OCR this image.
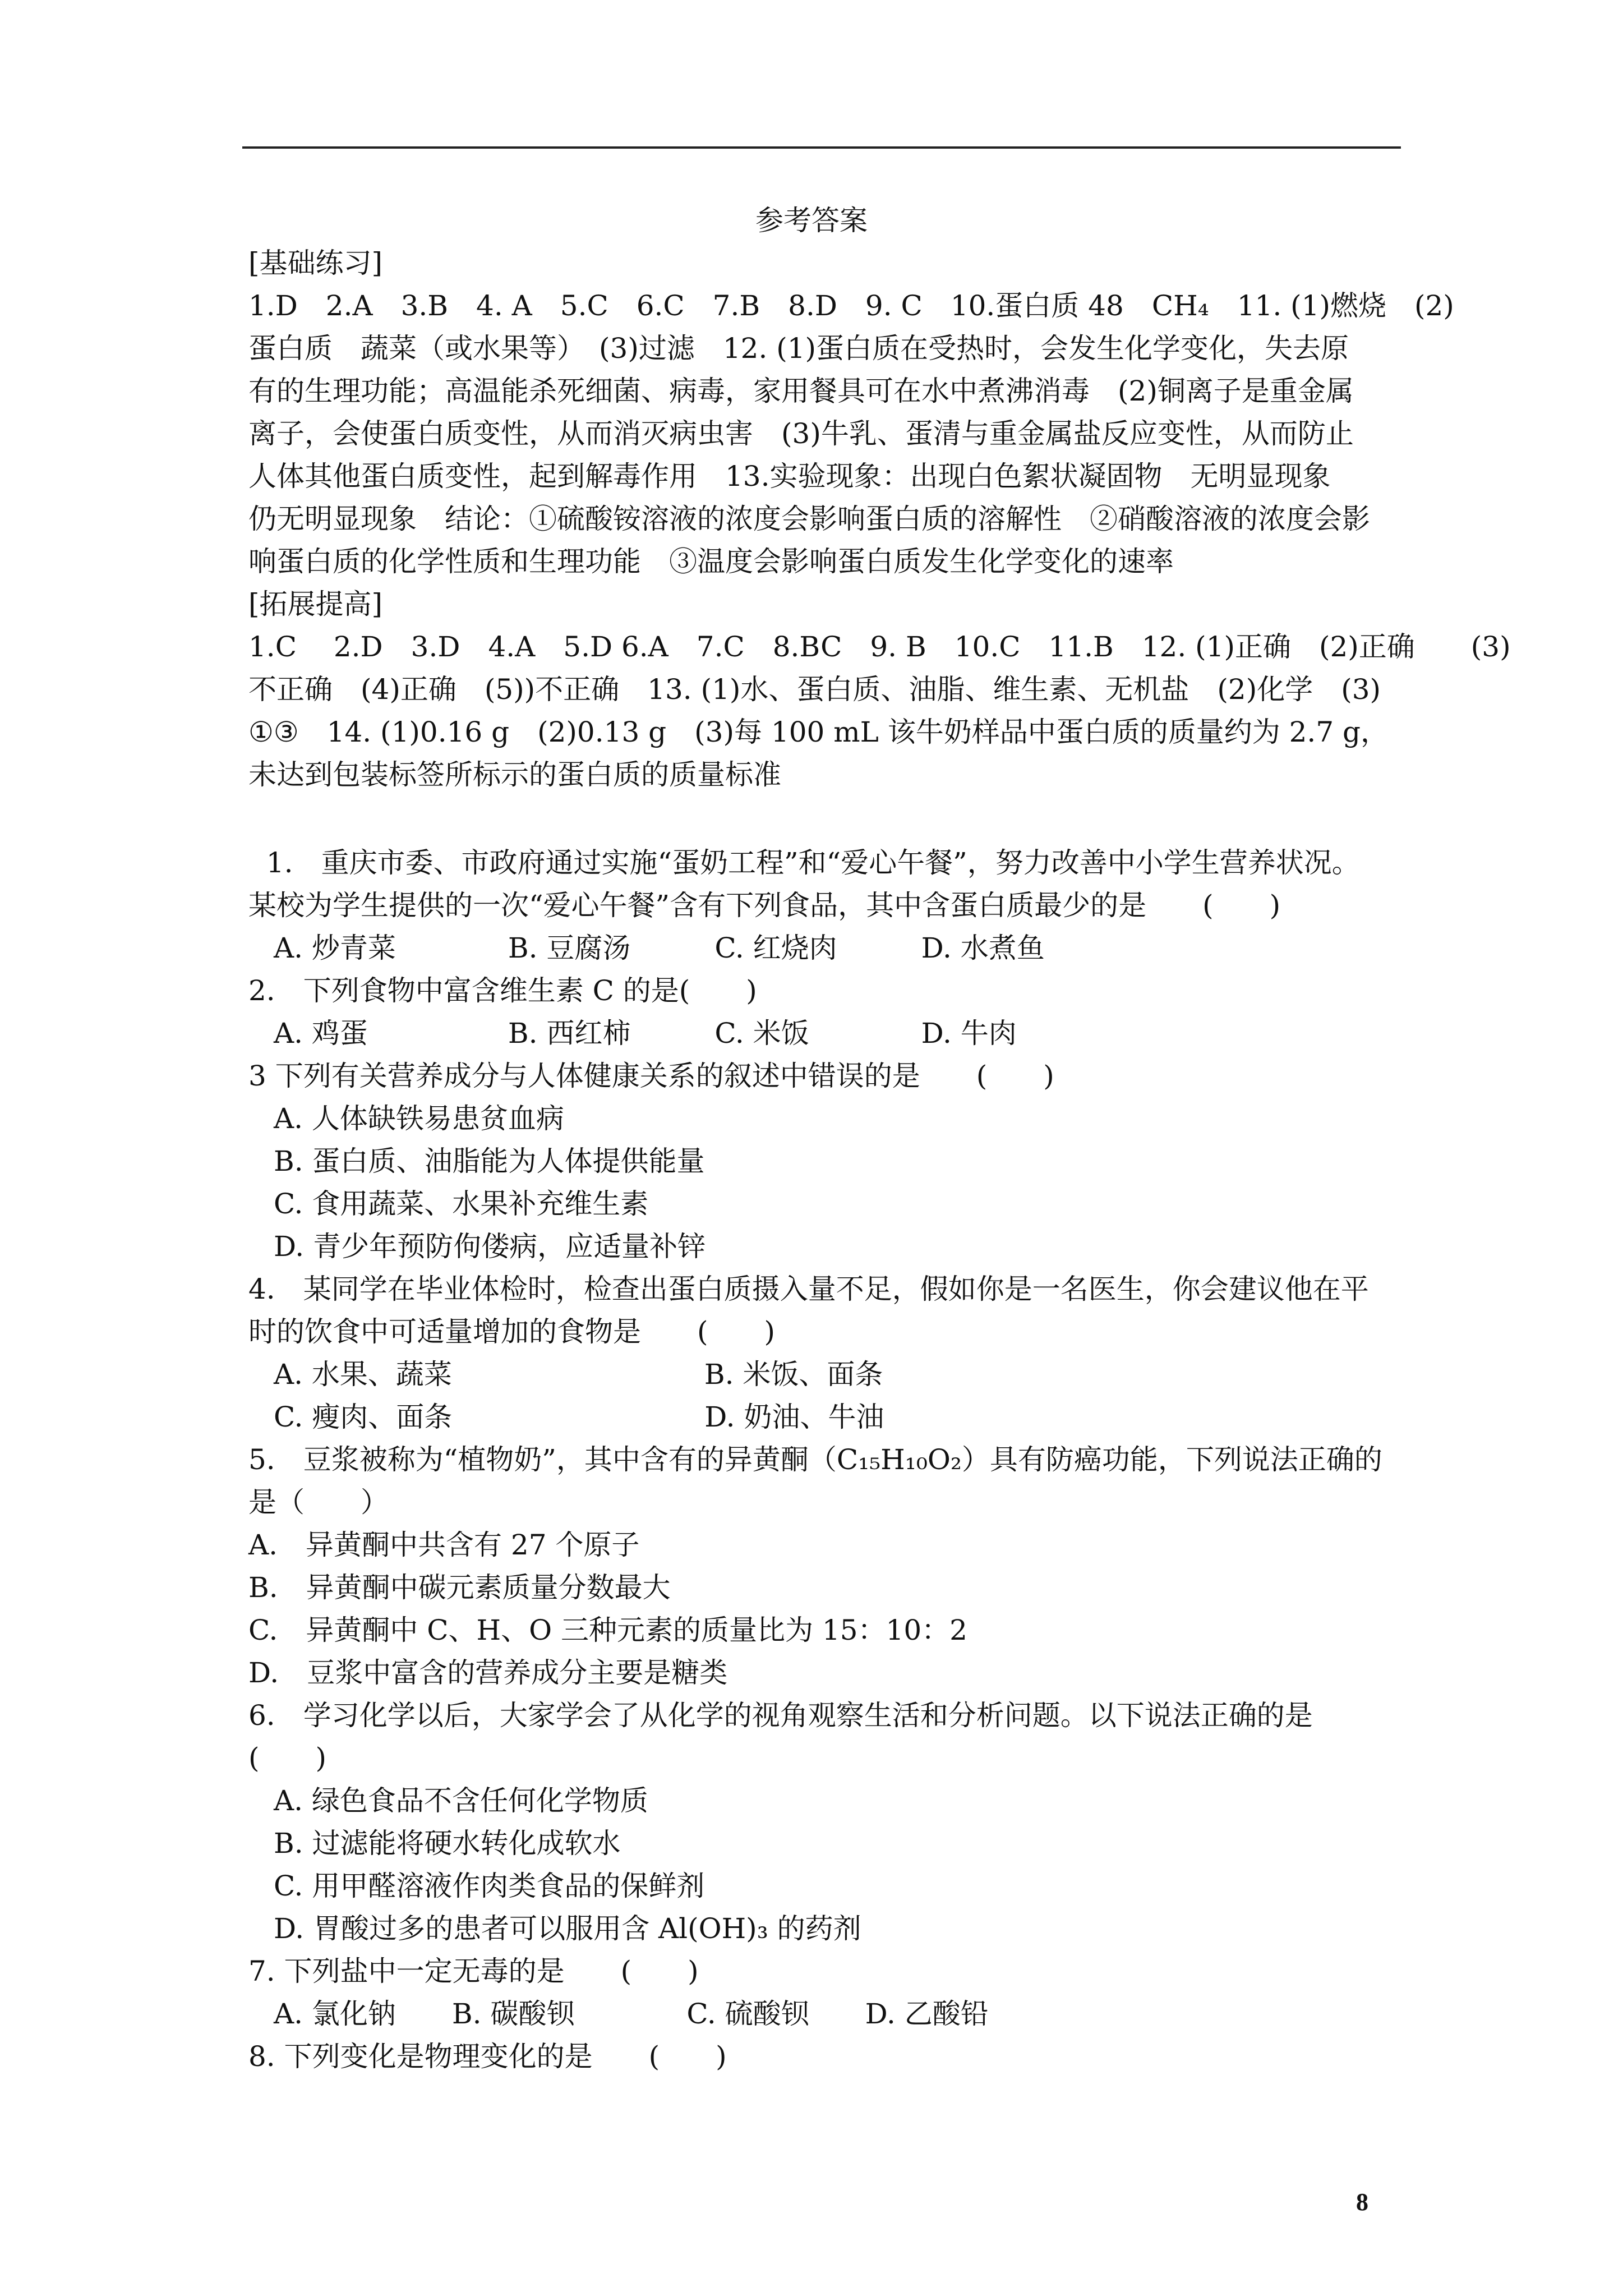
参考答案
[基础练习]
1.D　2.A　3.B　4. A　5.C　6.C　7.B　8.D　9. C　10.蛋白质 48　CH₄　11. (1)燃烧　(2)
蛋白质　蔬菜（或水果等）　(3)过滤　12. (1)蛋白质在受热时，会发生化学变化，失去原
有的生理功能；高温能杀死细菌、病毒，家用餐具可在水中煮沸消毒　(2)铜离子是重金属
离子，会使蛋白质变性，从而消灭病虫害　(3)牛乳、蛋清与重金属盐反应变性，从而防止
人体其他蛋白质变性，起到解毒作用　13.实验现象：出现白色絮状凝固物　无明显现象
仍无明显现象　结论：①硫酸铵溶液的浓度会影响蛋白质的溶解性　②硝酸溶液的浓度会影
响蛋白质的化学性质和生理功能　③温度会影响蛋白质发生化学变化的速率
[拓展提高]
1.C　 2.D　3.D　4.A　5.D 6.A　7.C　8.BC　9. B　10.C　11.B　12. (1)正确　(2)正确　　(3)
不正确　(4)正确　(5))不正确　13. (1)水、蛋白质、油脂、维生素、无机盐　(2)化学　(3)
①③　14. (1)0.16 g　(2)0.13 g　(3)每 100 mL 该牛奶样品中蛋白质的质量约为 2.7 g，
未达到包装标签所标示的蛋白质的质量标准
1.　重庆市委、市政府通过实施“蛋奶工程”和“爱心午餐”，努力改善中小学生营养状况。
某校为学生提供的一次“爱心午餐”含有下列食品，其中含蛋白质最少的是　　(　　)
A. 炒青菜　　　　B. 豆腐汤　　　C. 红烧肉　　　D. 水煮鱼
2.　下列食物中富含维生素 C 的是(　　)
A. 鸡蛋　　　　　B. 西红柿　　　C. 米饭　　　　D. 牛肉
3 下列有关营养成分与人体健康关系的叙述中错误的是　　(　　)
A. 人体缺铁易患贫血病
B. 蛋白质、油脂能为人体提供能量
C. 食用蔬菜、水果补充维生素
D. 青少年预防佝偻病，应适量补锌
4.　某同学在毕业体检时，检查出蛋白质摄入量不足，假如你是一名医生，你会建议他在平
时的饮食中可适量增加的食物是　　(　　)
A. 水果、蔬菜　　　　　　　　　B. 米饭、面条
C. 瘦肉、面条　　　　　　　　　D. 奶油、牛油
5.　豆浆被称为“植物奶”，其中含有的异黄酮（C₁₅H₁₀O₂）具有防癌功能，下列说法正确的
是（　　）
A.　异黄酮中共含有 27 个原子
B.　异黄酮中碳元素质量分数最大
C.　异黄酮中 C、H、O 三种元素的质量比为 15：10：2
D.　豆浆中富含的营养成分主要是糖类
6.　学习化学以后，大家学会了从化学的视角观察生活和分析问题。以下说法正确的是
(　　)
A. 绿色食品不含任何化学物质
B. 过滤能将硬水转化成软水
C. 用甲醛溶液作肉类食品的保鲜剂
D. 胃酸过多的患者可以服用含 Al(OH)₃ 的药剂
7. 下列盐中一定无毒的是　　(　　)
A. 氯化钠　　B. 碳酸钡　　　　C. 硫酸钡　　D. 乙酸铅
8. 下列变化是物理变化的是　　(　　)
8
